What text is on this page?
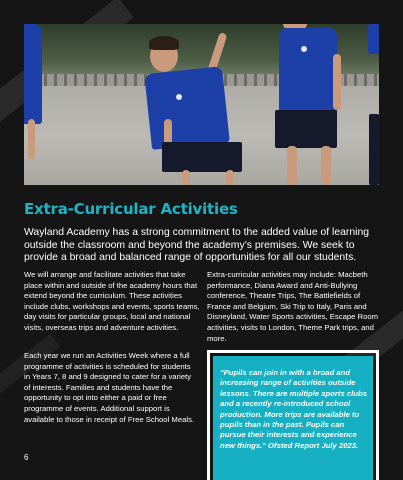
Extra-Curricular Activities

Wayland Academy has a strong commitment to the added value of learning outside the classroom and beyond the academy’s premises. We seek to provide a broad and balanced range of opportunities for all our students.

We will arrange and facilitate activities that take place within and outside of the academy hours that extend beyond the curriculum. These activities include clubs, workshops and events, sports teams, day visits for particular groups, local and national visits, overseas trips and adventure activities.

Each year we run an Activities Week where a full programme of activities is scheduled for students in Years 7, 8 and 9 designed to cater for a variety of interests. Families and students have the opportunity to opt into either a paid or free programme of events. Additional support is available to those in receipt of Free School Meals.

Extra-curricular activities may include: Macbeth performance, Diana Award and Anti-Bullying conference, Theatre Trips, The Battlefields of France and Belgium, Ski Trip to Italy, Paris and Disneyland, Water Sports activities, Escape Room activities, visits to London, Theme Park trips, and more.

"Pupils can join in with a broad and increasing range of activities outside lessons. There are multiple sports clubs and a recently re-introduced school production. More trips are available to pupils than in the past. Pupils can pursue their interests and experience new things." Ofsted Report July 2023.

6
